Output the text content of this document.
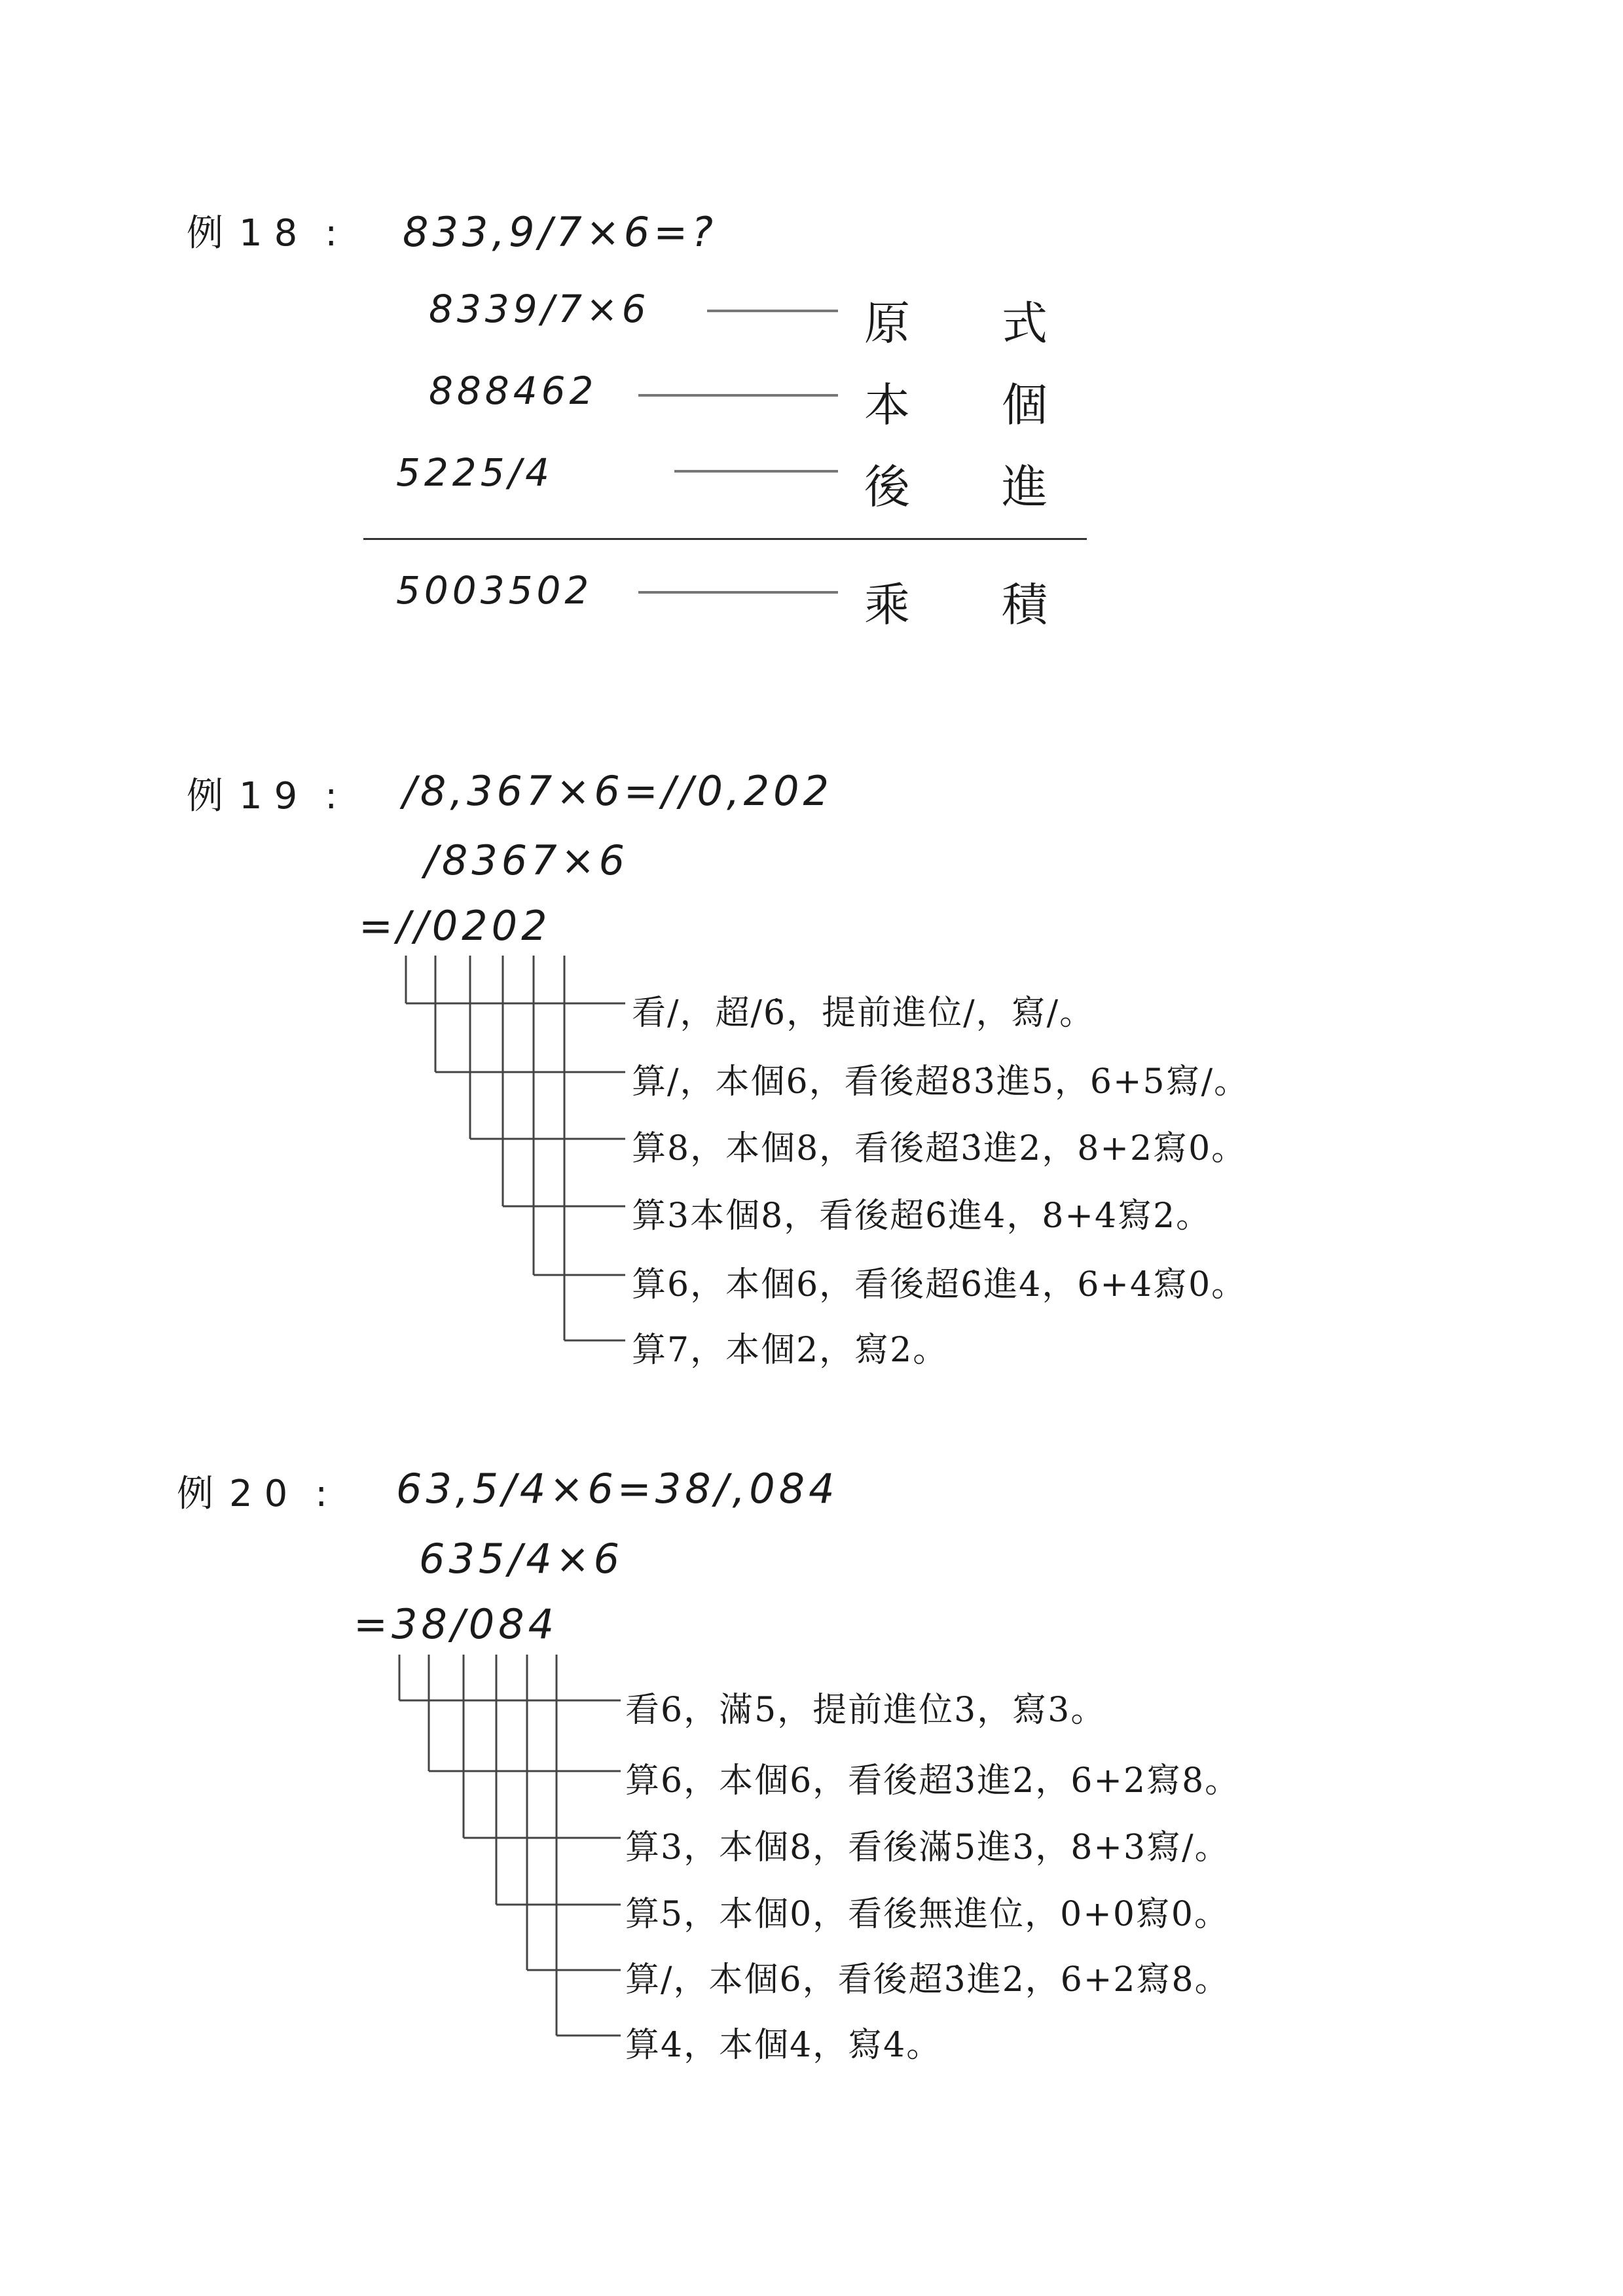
例 18 :	833,9/7×6=?
8339/7×6	原　　式
888462	本　　個
5225/4	後　　進
5003502	乘　　積
例 19 :	/8,367×6=//0,202
/8367×6
=//0202
看/，超/6̇，提前進位/，寫/。
算/，本個6，看後超83̇進5，6+5寫/。
算8，本個8，看後超3̇進2，8+2寫0。
算3本個8，看後超6̇進4，8+4寫2。
算6，本個6，看後超6̇進4，6+4寫0。
算7，本個2，寫2。
例 20 :	63,5/4×6=38/,084
635/4×6
=38/084
看6，滿5，提前進位3，寫3。
算6，本個6，看後超3̇進2，6+2寫8。
算3，本個8，看後滿5進3，8+3寫/。
算5，本個0，看後無進位，0+0寫0。
算/，本個6，看後超3̇進2，6+2寫8。
算4，本個4，寫4。
